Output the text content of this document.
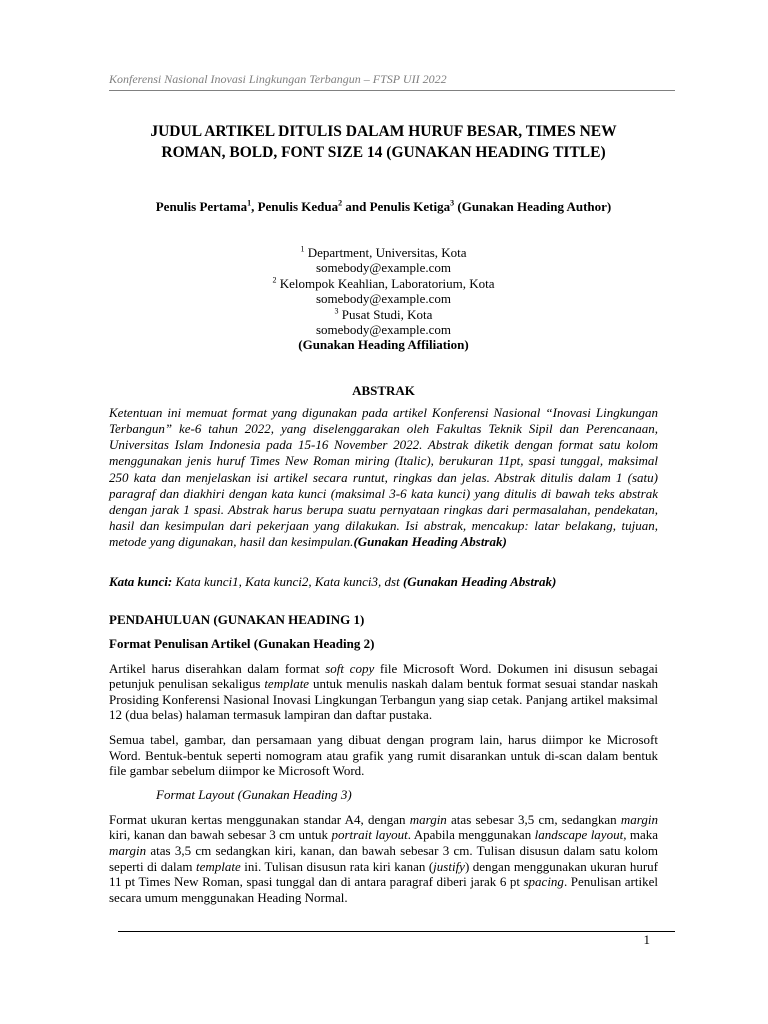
Konferensi Nasional Inovasi Lingkungan Terbangun – FTSP UII 2022
JUDUL ARTIKEL DITULIS DALAM HURUF BESAR, TIMES NEW
ROMAN, BOLD, FONT SIZE 14 (GUNAKAN HEADING TITLE)
Penulis Pertama$^1$, Penulis Kedua$^2$ and Penulis Ketiga$^3$ (Gunakan Heading Author)
$^1$ Department, Universitas, Kota
somebody@example.com
$^2$ Kelompok Keahlian, Laboratorium, Kota
somebody@example.com
$^3$ Pusat Studi, Kota
somebody@example.com
(Gunakan Heading Affiliation)
ABSTRAK
Ketentuan ini memuat format yang digunakan pada artikel Konferensi Nasional “Inovasi Lingkungan Terbangun” ke-6 tahun 2022, yang diselenggarakan oleh Fakultas Teknik Sipil dan Perencanaan, Universitas Islam Indonesia pada 15-16 November 2022. Abstrak diketik dengan format satu kolom menggunakan jenis huruf Times New Roman miring (Italic), berukuran 11pt, spasi tunggal, maksimal 250 kata dan menjelaskan isi artikel secara runtut, ringkas dan jelas. Abstrak ditulis dalam 1 (satu) paragraf dan diakhiri dengan kata kunci (maksimal 3-6 kata kunci) yang ditulis di bawah teks abstrak dengan jarak 1 spasi. Abstrak harus berupa suatu pernyataan ringkas dari permasalahan, pendekatan, hasil dan kesimpulan dari pekerjaan yang dilakukan. Isi abstrak, mencakup: latar belakang, tujuan, metode yang digunakan, hasil dan kesimpulan.(Gunakan Heading Abstrak)
Kata kunci: Kata kunci1, Kata kunci2, Kata kunci3, dst (Gunakan Heading Abstrak)
PENDAHULUAN (GUNAKAN HEADING 1)
Format Penulisan Artikel (Gunakan Heading 2)
Artikel harus diserahkan dalam format soft copy file Microsoft Word. Dokumen ini disusun sebagai petunjuk penulisan sekaligus template untuk menulis naskah dalam bentuk format sesuai standar naskah Prosiding Konferensi Nasional Inovasi Lingkungan Terbangun yang siap cetak. Panjang artikel maksimal 12 (dua belas) halaman termasuk lampiran dan daftar pustaka.
Semua tabel, gambar, dan persamaan yang dibuat dengan program lain, harus diimpor ke Microsoft Word. Bentuk-bentuk seperti nomogram atau grafik yang rumit disarankan untuk di-scan dalam bentuk file gambar sebelum diimpor ke Microsoft Word.
Format Layout (Gunakan Heading 3)
Format ukuran kertas menggunakan standar A4, dengan margin atas sebesar 3,5 cm, sedangkan margin kiri, kanan dan bawah sebesar 3 cm untuk portrait layout. Apabila menggunakan landscape layout, maka margin atas 3,5 cm sedangkan kiri, kanan, dan bawah sebesar 3 cm. Tulisan disusun dalam satu kolom seperti di dalam template ini. Tulisan disusun rata kiri kanan (justify) dengan menggunakan ukuran huruf 11 pt Times New Roman, spasi tunggal dan di antara paragraf diberi jarak 6 pt spacing. Penulisan artikel secara umum menggunakan Heading Normal.
1
